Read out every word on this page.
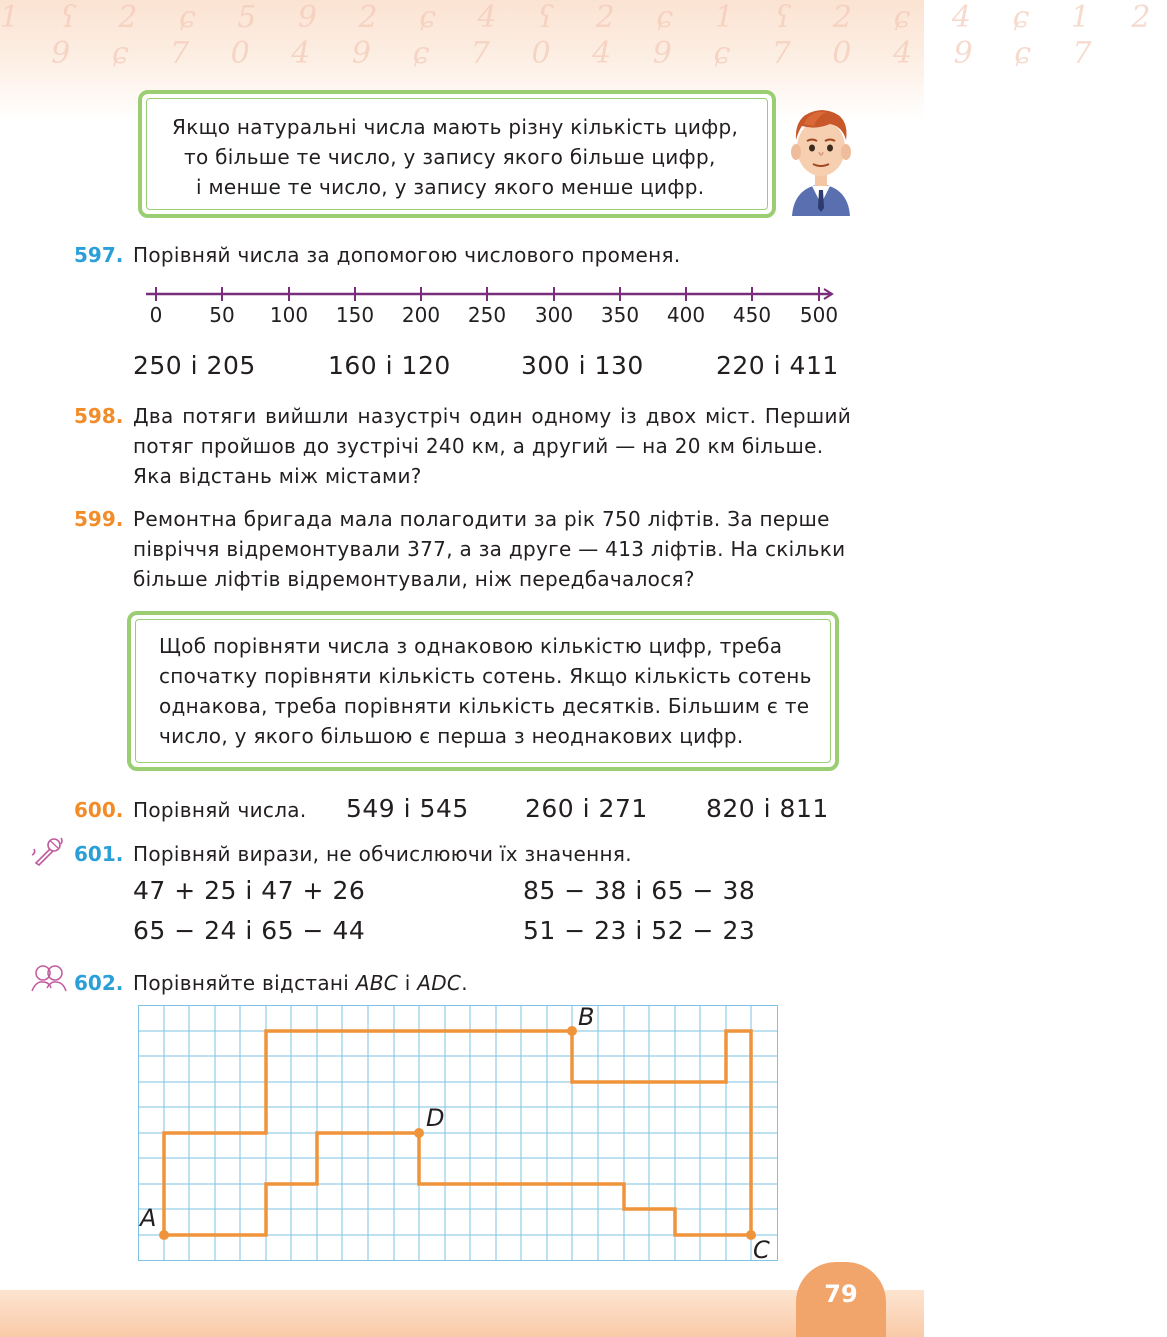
1 ʕ 2 ɕ 5 9 2 ɕ 4 ʕ 2 ɕ 1 ʕ 2 ɕ 4 ɕ 1 2
9 ɕ 7 0 4 9 ɕ 7 0 4 9 ɕ 7 0 4 9 ɕ 7
Якщо натуральні числа мають різну кількість цифр,
то більше те число, у запису якого більше цифр,
і менше те число, у запису якого менше цифр.
597. Порівняй числа за допомогою числового променя.
0	50	100	150	200	250	300	350	400	450	500
250 і 205	160 і 120	300 і 130	220 і 411
598. Два потяги вийшли назустріч один одному із двох міст. Перший
потяг пройшов до зустрічі 240 км, а другий — на 20 км більше.
Яка відстань між містами?
599. Ремонтна бригада мала полагодити за рік 750 ліфтів. За перше
півріччя відремонтували 377, а за друге — 413 ліфтів. На скільки
більше ліфтів відремонтували, ніж передбачалося?
Щоб порівняти числа з однаковою кількістю цифр, треба
спочатку порівняти кількість сотень. Якщо кількість сотень
однакова, треба порівняти кількість десятків. Більшим є те
число, у якого більшою є перша з неоднакових цифр.
600. Порівняй числа. 549 і 545 260 і 271 820 і 811
601. Порівняй вирази, не обчислюючи їх значення.
47 + 25 і 47 + 26	85 − 38 і 65 − 38
65 − 24 і 65 − 44	51 − 23 і 52 − 23
602. Порівняйте відстані ABC і ADC.
A
B
C
D
79
